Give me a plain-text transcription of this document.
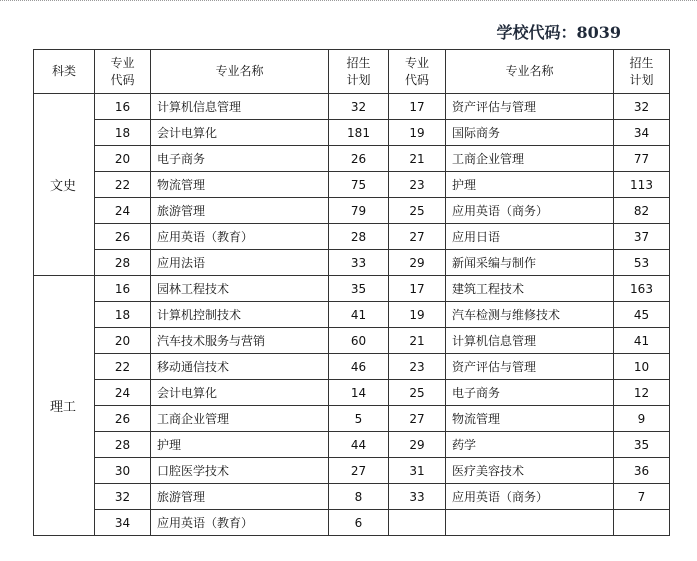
学校代码：8039
科类	专业代码	专业名称	招生计划	专业代码	专业名称	招生计划
文史	16	计算机信息管理	32	17	资产评估与管理	32
	18	会计电算化	181	19	国际商务	34
	20	电子商务	26	21	工商企业管理	77
	22	物流管理	75	23	护理	113
	24	旅游管理	79	25	应用英语（商务）	82
	26	应用英语（教育）	28	27	应用日语	37
	28	应用法语	33	29	新闻采编与制作	53
理工	16	园林工程技术	35	17	建筑工程技术	163
	18	计算机控制技术	41	19	汽车检测与维修技术	45
	20	汽车技术服务与营销	60	21	计算机信息管理	41
	22	移动通信技术	46	23	资产评估与管理	10
	24	会计电算化	14	25	电子商务	12
	26	工商企业管理	5	27	物流管理	9
	28	护理	44	29	药学	35
	30	口腔医学技术	27	31	医疗美容技术	36
	32	旅游管理	8	33	应用英语（商务）	7
	34	应用英语（教育）	6			
